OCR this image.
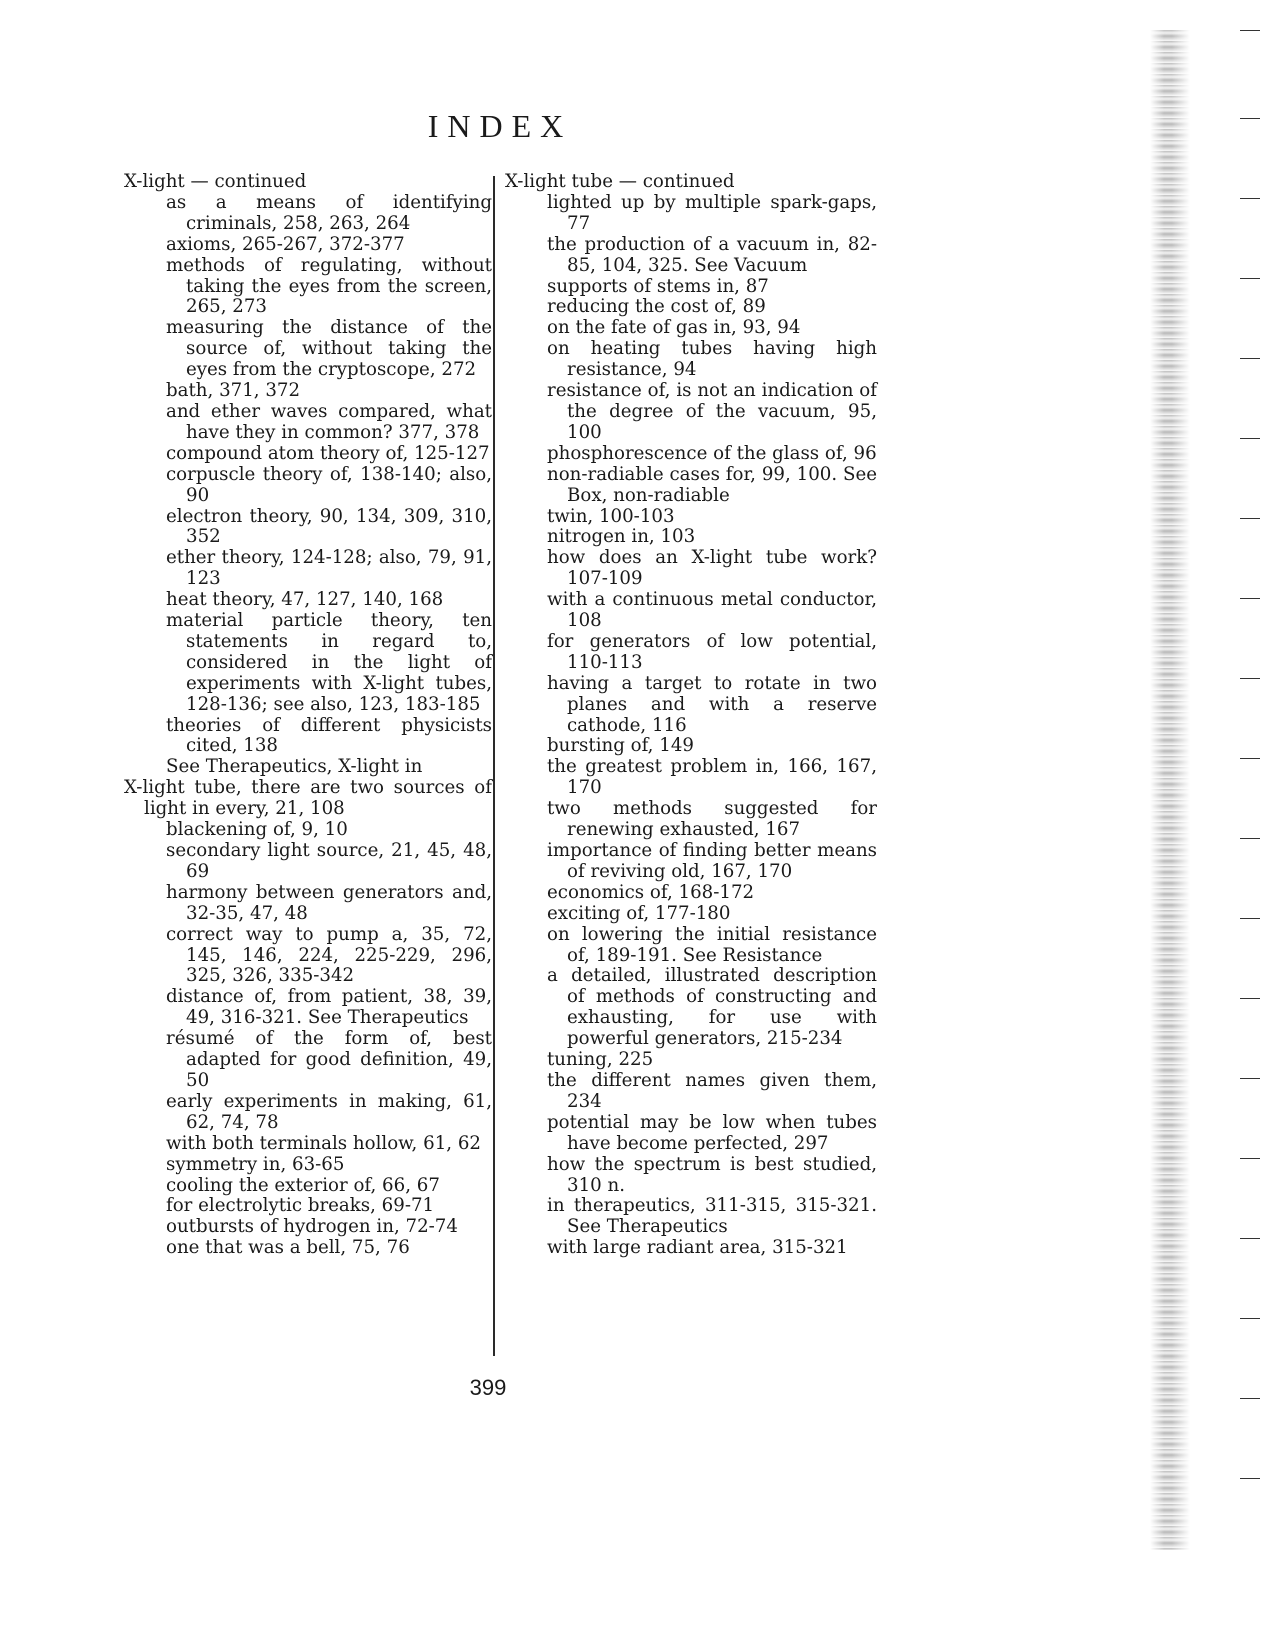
INDEX
X-light — continued
as a means of identifying criminals, 258, 263, 264
axioms, 265-267, 372-377
methods of regulating, without taking the eyes from the screen, 265, 273
measuring the distance of the source of, without taking the eyes from the cryptoscope, 272
bath, 371, 372
and ether waves compared, what have they in common? 377, 378
compound atom theory of, 125-127
corpuscle theory of, 138-140; also, 90
electron theory, 90, 134, 309, 310, 352
ether theory, 124-128; also, 79, 91, 123
heat theory, 47, 127, 140, 168
material particle theory, ten statements in regard to, considered in the light of experiments with X-light tubes, 128-136; see also, 123, 183-185
theories of different physicists cited, 138
See Therapeutics, X-light in
X-light tube, there are two sources of light in every, 21, 108
blackening of, 9, 10
secondary light source, 21, 45, 48, 69
harmony between generators and, 32-35, 47, 48
correct way to pump a, 35, 72, 145, 146, 224, 225-229, 296, 325, 326, 335-342
distance of, from patient, 38, 39, 49, 316-321. See Therapeutics
résumé of the form of, best adapted for good definition, 49, 50
early experiments in making, 61, 62, 74, 78
with both terminals hollow, 61, 62
symmetry in, 63-65
cooling the exterior of, 66, 67
for electrolytic breaks, 69-71
outbursts of hydrogen in, 72-74
one that was a bell, 75, 76
X-light tube — continued
lighted up by multiple spark-gaps, 77
the production of a vacuum in, 82-85, 104, 325. See Vacuum
supports of stems in, 87
reducing the cost of, 89
on the fate of gas in, 93, 94
on heating tubes having high resistance, 94
resistance of, is not an indication of the degree of the vacuum, 95, 100
phosphorescence of the glass of, 96
non-radiable cases for, 99, 100. See Box, non-radiable
twin, 100-103
nitrogen in, 103
how does an X-light tube work? 107-109
with a continuous metal conductor, 108
for generators of low potential, 110-113
having a target to rotate in two planes and with a reserve cathode, 116
bursting of, 149
the greatest problem in, 166, 167, 170
two methods suggested for renewing exhausted, 167
importance of finding better means of reviving old, 167, 170
economics of, 168-172
exciting of, 177-180
on lowering the initial resistance of, 189-191. See Resistance
a detailed, illustrated description of methods of constructing and exhausting, for use with powerful generators, 215-234
tuning, 225
the different names given them, 234
potential may be low when tubes have become perfected, 297
how the spectrum is best studied, 310 n.
in therapeutics, 311-315, 315-321. See Therapeutics
with large radiant area, 315-321
399
